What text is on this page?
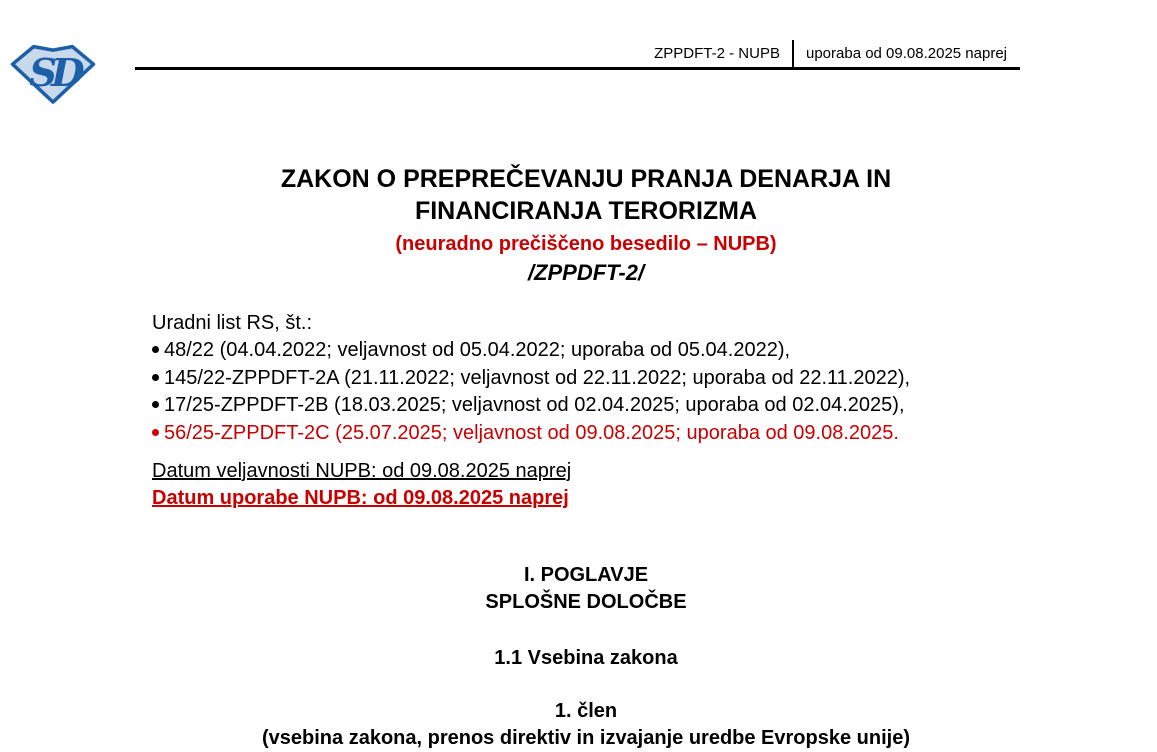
SD	ZPPDFT-2 - NUPB uporaba od 09.08.2025 naprej
ZAKON O PREPREČEVANJU PRANJA DENARJA IN
FINANCIRANJA TERORIZMA
(neuradno prečiščeno besedilo – NUPB)
/ZPPDFT-2/
Uradni list RS, št.:
48/22 (04.04.2022; veljavnost od 05.04.2022; uporaba od 05.04.2022),
145/22-ZPPDFT-2A (21.11.2022; veljavnost od 22.11.2022; uporaba od 22.11.2022),
17/25-ZPPDFT-2B (18.03.2025; veljavnost od 02.04.2025; uporaba od 02.04.2025),
56/25-ZPPDFT-2C (25.07.2025; veljavnost od 09.08.2025; uporaba od 09.08.2025.
Datum veljavnosti NUPB: od 09.08.2025 naprej
Datum uporabe NUPB: od 09.08.2025 naprej
I. POGLAVJE
SPLOŠNE DOLOČBE
1.1 Vsebina zakona
1. člen
(vsebina zakona, prenos direktiv in izvajanje uredbe Evropske unije)
